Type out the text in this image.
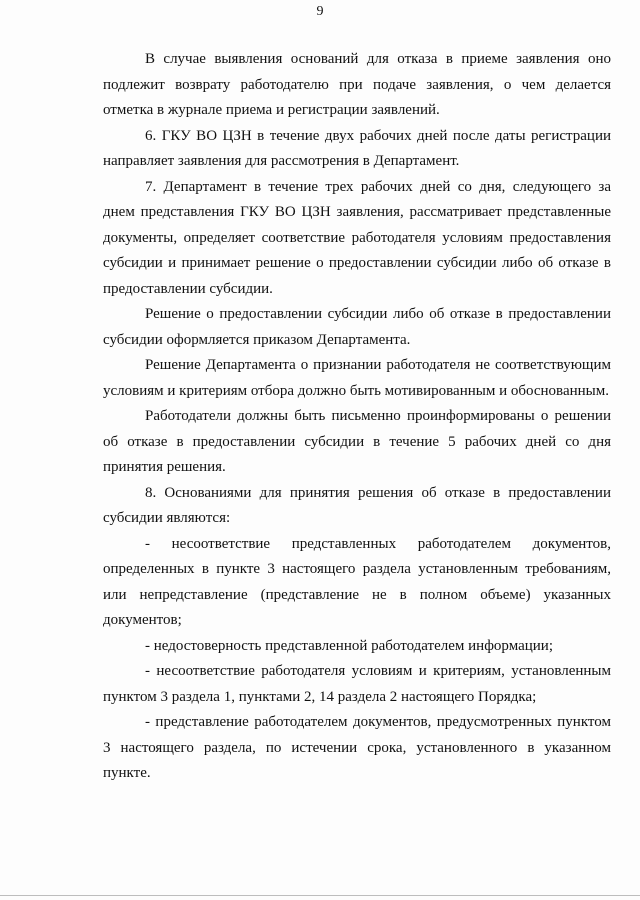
9

В случае выявления оснований для отказа в приеме заявления оно подлежит возврату работодателю при подаче заявления, о чем делается отметка в журнале приема и регистрации заявлений.

6. ГКУ ВО ЦЗН в течение двух рабочих дней после даты регистрации направляет заявления для рассмотрения в Департамент.

7. Департамент в течение трех рабочих дней со дня, следующего за днем представления ГКУ ВО ЦЗН заявления, рассматривает представленные документы, определяет соответствие работодателя условиям предоставления субсидии и принимает решение о предоставлении субсидии либо об отказе в предоставлении субсидии.

Решение о предоставлении субсидии либо об отказе в предоставлении субсидии оформляется приказом Департамента.

Решение Департамента о признании работодателя не соответствующим условиям и критериям отбора должно быть мотивированным и обоснованным.

Работодатели должны быть письменно проинформированы о решении об отказе в предоставлении субсидии в течение 5 рабочих дней со дня принятия решения.

8. Основаниями для принятия решения об отказе в предоставлении субсидии являются:

- несоответствие представленных работодателем документов, определенных в пункте 3 настоящего раздела установленным требованиям, или непредставление (представление не в полном объеме) указанных документов;

- недостоверность представленной работодателем информации;

- несоответствие работодателя условиям и критериям, установленным пунктом 3 раздела 1, пунктами 2, 14 раздела 2 настоящего Порядка;

- представление работодателем документов, предусмотренных пунктом 3 настоящего раздела, по истечении срока, установленного в указанном пункте.
